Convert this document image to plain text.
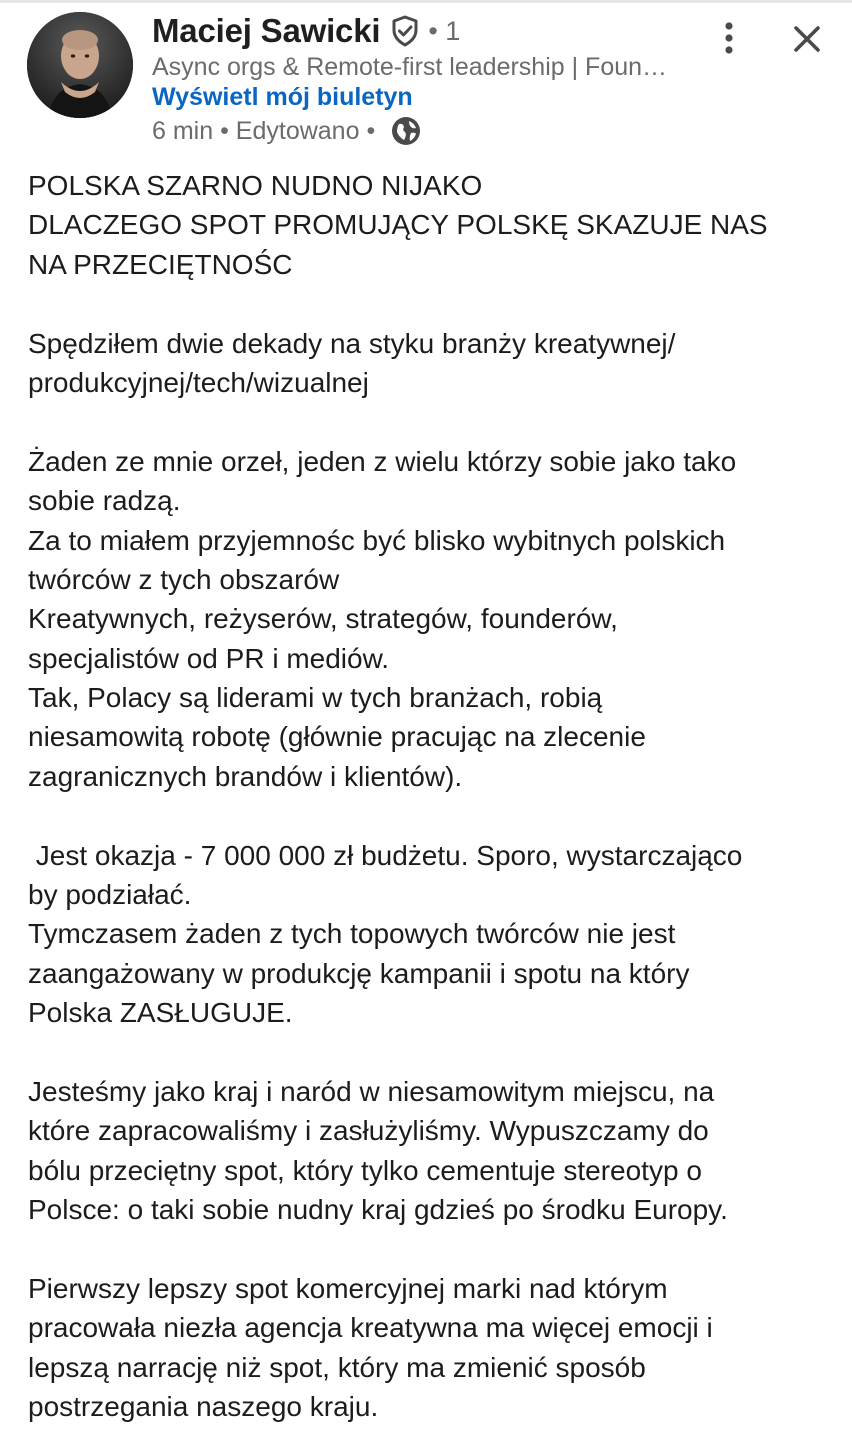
Maciej Sawicki • 1
Async orgs & Remote-first leadership | Foun…
Wyświetl mój biuletyn
6 min • Edytowano •
POLSKA SZARNO NUDNO NIJAKO
DLACZEGO SPOT PROMUJĄCY POLSKĘ SKAZUJE NAS
NA PRZECIĘTNOŚC
Spędziłem dwie dekady na styku branży kreatywnej/
produkcyjnej/tech/wizualnej
Żaden ze mnie orzeł, jeden z wielu którzy sobie jako tako
sobie radzą.
Za to miałem przyjemnośc być blisko wybitnych polskich
twórców z tych obszarów
Kreatywnych, reżyserów, strategów, founderów,
specjalistów od PR i mediów.
Tak, Polacy są liderami w tych branżach, robią
niesamowitą robotę (głównie pracując na zlecenie
zagranicznych brandów i klientów).
Jest okazja - 7 000 000 zł budżetu. Sporo, wystarczająco
by podziałać.
Tymczasem żaden z tych topowych twórców nie jest
zaangażowany w produkcję kampanii i spotu na który
Polska ZASŁUGUJE.
Jesteśmy jako kraj i naród w niesamowitym miejscu, na
które zapracowaliśmy i zasłużyliśmy. Wypuszczamy do
bólu przeciętny spot, który tylko cementuje stereotyp o
Polsce: o taki sobie nudny kraj gdzieś po środku Europy.
Pierwszy lepszy spot komercyjnej marki nad którym
pracowała niezła agencja kreatywna ma więcej emocji i
lepszą narrację niż spot, który ma zmienić sposób
postrzegania naszego kraju.
